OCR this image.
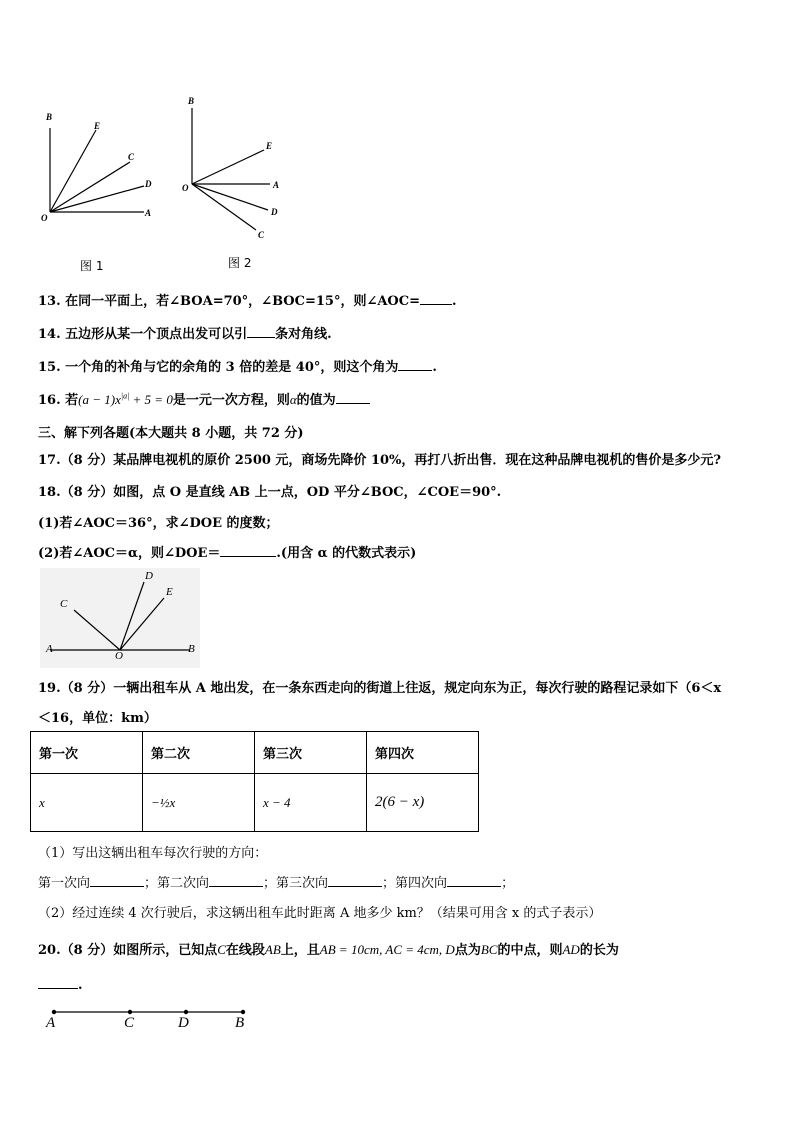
B
E
C
D
O	A
图 1
B
E
O	A
D
C
图 2
13. 在同一平面上，若∠BOA=70°，∠BOC=15°，则∠AOC= .
14. 五边形从某一个顶点出发可以引 条对角线.
15. 一个角的补角与它的余角的 3 倍的差是 40°，则这个角为	.
16. 若$(a - 1)x^{|a|} + 5 = 0$是一元一次方程，则α的值为
三、解下列各题(本大题共 8 小题，共 72 分)
17.（8 分）某品牌电视机的原价 2500 元，商场先降价 10%，再打八折出售．现在这种品牌电视机的售价是多少元?
18.（8 分）如图，点 O 是直线 AB 上一点，OD 平分∠BOC，∠COE＝90°.
(1)若∠AOC＝36°，求∠DOE 的度数；
(2)若∠AOC＝α，则∠DOE＝	.(用含 α 的代数式表示)
A	B
C
D
E
O
19.（8 分）一辆出租车从 A 地出发，在一条东西走向的街道上往返，规定向东为正，每次行驶的路程记录如下（6＜x
＜16，单位：km）
第一次	第二次	第三次	第四次
x	−½x	x − 4	2(6 − x)
（1）写出这辆出租车每次行驶的方向：
第一次向	；第二次向	；第三次向	；第四次向	；
（2）经过连续 4 次行驶后，求这辆出租车此时距离 A 地多少 km？（结果可用含 x 的式子表示）
20.（8 分）如图所示，已知点C在线段AB上，且AB = 10cm, AC = 4cm, D点为BC的中点，则AD的长为
.
A	C	D	B
